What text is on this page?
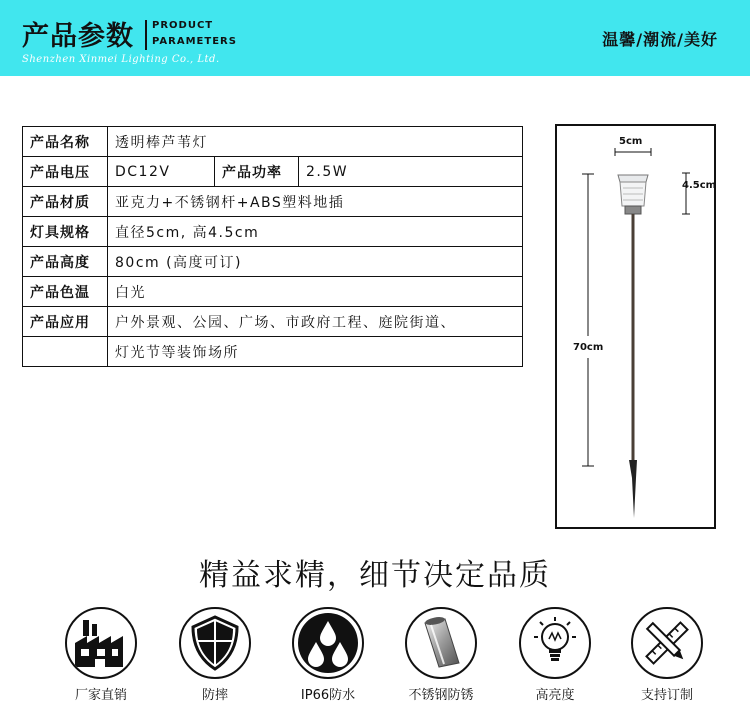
产品参数 PRODUCT
PARAMETERS
Shenzhen Xinmei Lighting Co., Ltd.
温馨/潮流/美好
产品名称	透明棒芦苇灯		
产品电压	DC12V	产品功率	2.5W
产品材质	亚克力+不锈钢杆+ABS塑料地插		
灯具规格	直径5cm, 高4.5cm		
产品高度	80cm (高度可订)		
产品色温	白光		
产品应用	户外景观、公园、广场、市政府工程、庭院街道、		
	灯光节等装饰场所		
5cm
4.5cm
70cm
精益求精，细节决定品质
厂家直销	防摔	IP66防水	不锈钢防锈	高亮度	支持订制
